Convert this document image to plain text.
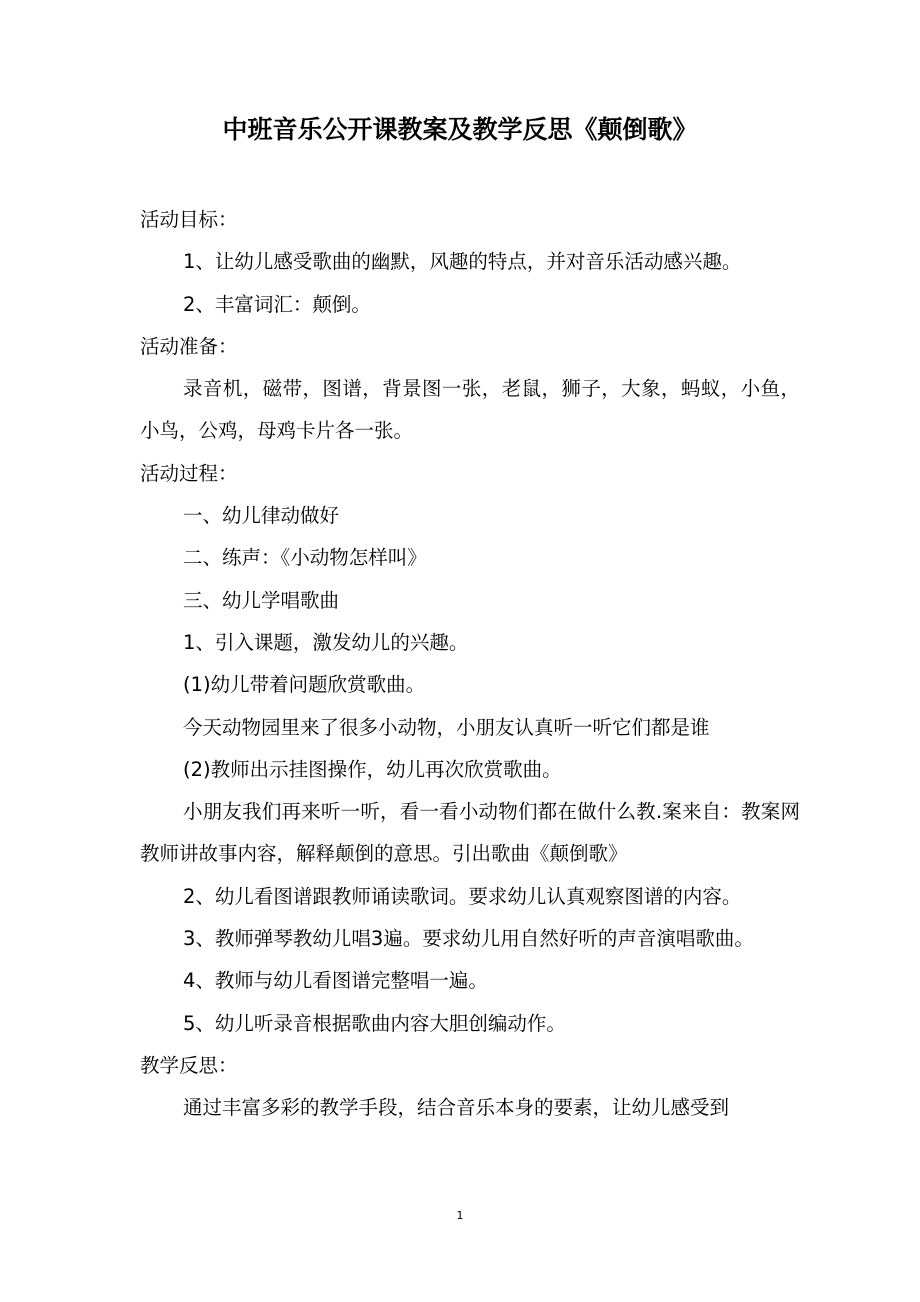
中班音乐公开课教案及教学反思《颠倒歌》

活动目标：

1、让幼儿感受歌曲的幽默，风趣的特点，并对音乐活动感兴趣。

2、丰富词汇：颠倒。

活动准备：

录音机，磁带，图谱，背景图一张，老鼠，狮子，大象，蚂蚁，小鱼，小鸟，公鸡，母鸡卡片各一张。

活动过程：

一、幼儿律动做好

二、练声：《小动物怎样叫》

三、幼儿学唱歌曲

1、引入课题，激发幼儿的兴趣。

(1)幼儿带着问题欣赏歌曲。

今天动物园里来了很多小动物，小朋友认真听一听它们都是谁

(2)教师出示挂图操作，幼儿再次欣赏歌曲。

小朋友我们再来听一听，看一看小动物们都在做什么教.案来自：教案网教师讲故事内容，解释颠倒的意思。引出歌曲《颠倒歌》

2、幼儿看图谱跟教师诵读歌词。要求幼儿认真观察图谱的内容。

3、教师弹琴教幼儿唱3遍。要求幼儿用自然好听的声音演唱歌曲。

4、教师与幼儿看图谱完整唱一遍。

5、幼儿听录音根据歌曲内容大胆创编动作。

教学反思：

通过丰富多彩的教学手段，结合音乐本身的要素，让幼儿感受到

1
